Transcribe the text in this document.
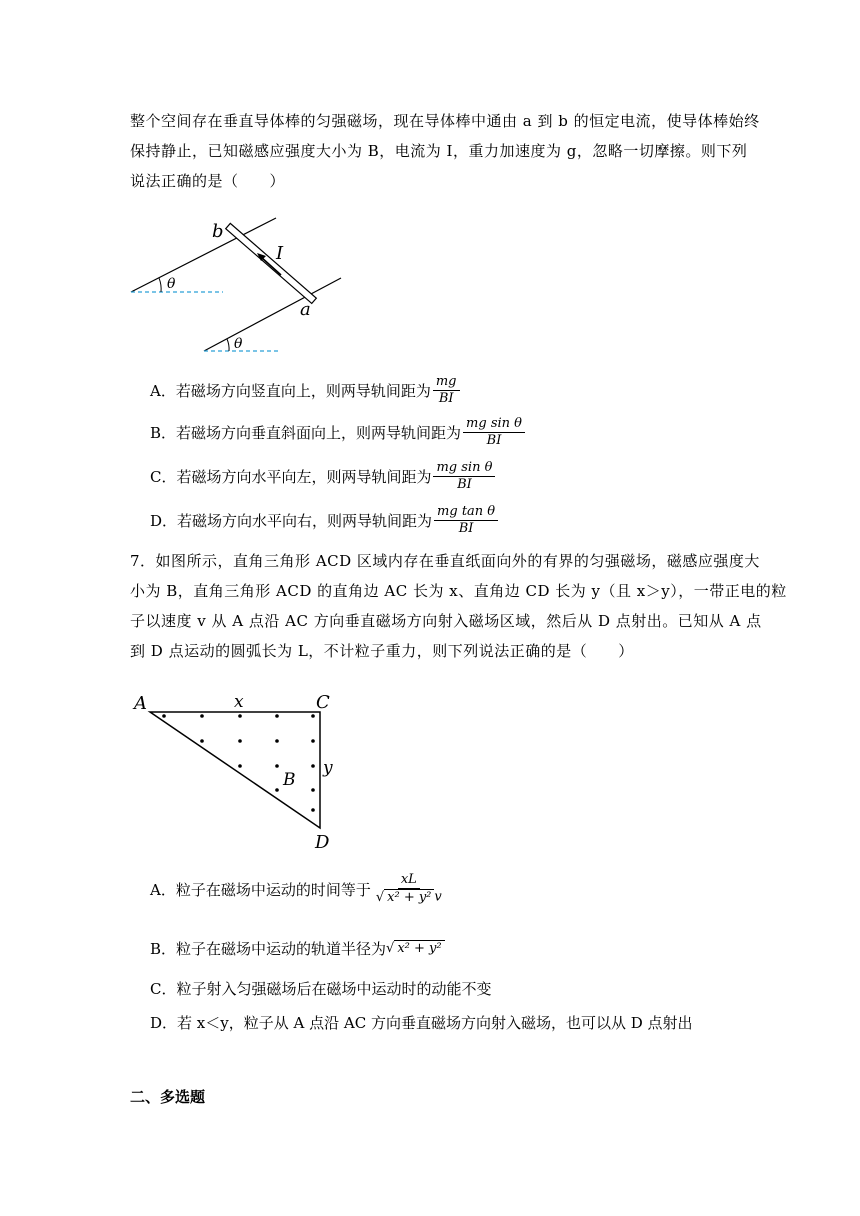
整个空间存在垂直导体棒的匀强磁场，现在导体棒中通由 a 到 b 的恒定电流，使导体棒始终
保持静止，已知磁感应强度大小为 B，电流为 I，重力加速度为 g，忽略一切摩擦。则下列
说法正确的是（　　）
b
I
a
θ
θ
A．若磁场方向竖直向上，则两导轨间距为 $\frac{mg}{BI}$
B．若磁场方向垂直斜面向上，则两导轨间距为 $\frac{\text{mg sin θ}}{BI}$
C．若磁场方向水平向左，则两导轨间距为 $\frac{\text{mg sin θ}}{BI}$
D．若磁场方向水平向右，则两导轨间距为 $\frac{\text{mg tan θ}}{BI}$
7．如图所示，直角三角形 ACD 区域内存在垂直纸面向外的有界的匀强磁场，磁感应强度大
小为 B，直角三角形 ACD 的直角边 AC 长为 x、直角边 CD 长为 y（且 x＞y），一带正电的粒
子以速度 v 从 A 点沿 AC 方向垂直磁场方向射入磁场区域，然后从 D 点射出。已知从 A 点
到 D 点运动的圆弧长为 L，不计粒子重力，则下列说法正确的是（　　）
A	C
D
x
y
B
A．粒子在磁场中运动的时间等于 $\frac{xL}{\text{√ x² + y² v}}$
B．粒子在磁场中运动的轨道半径为 √ x² + y²
C．粒子射入匀强磁场后在磁场中运动时的动能不变
D．若 x＜y，粒子从 A 点沿 AC 方向垂直磁场方向射入磁场，也可以从 D 点射出
二、多选题
